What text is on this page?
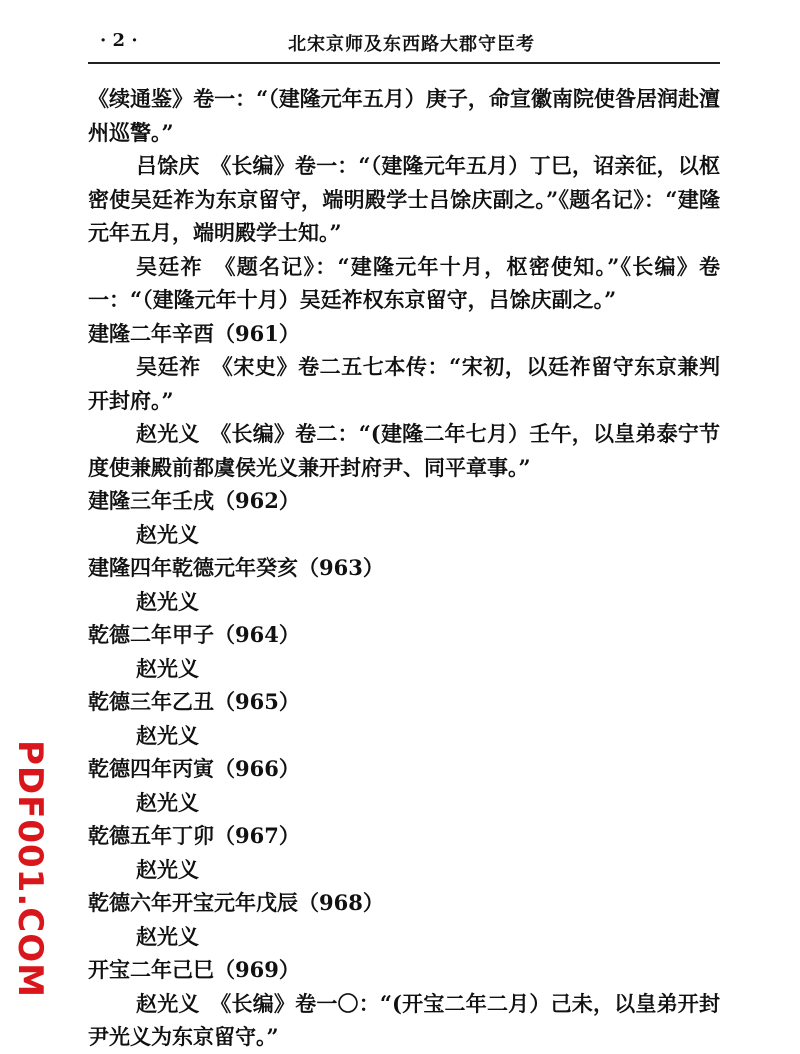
· 2 ·	北宋京师及东西路大郡守臣考

《续通鉴》卷一：“（建隆元年五月）庚子，命宣徽南院使昝居润赴澶州巡警。”

吕馀庆　《长编》卷一：“（建隆元年五月）丁巳，诏亲征，以枢密使吴廷祚为东京留守，端明殿学士吕馀庆副之。”《题名记》：“建隆元年五月，端明殿学士知。”

吴廷祚　《题名记》：“建隆元年十月，枢密使知。”《长编》卷一：“（建隆元年十月）吴廷祚权东京留守，吕馀庆副之。”

建隆二年辛酉（961）

吴廷祚　《宋史》卷二五七本传：“宋初，以廷祚留守东京兼判开封府。”

赵光义　《长编》卷二：“(建隆二年七月）壬午，以皇弟泰宁节度使兼殿前都虞侯光义兼开封府尹、同平章事。”

建隆三年壬戌（962）

赵光义

建隆四年乾德元年癸亥（963）

赵光义

乾德二年甲子（964）

赵光义

乾德三年乙丑（965）

赵光义

乾德四年丙寅（966）

赵光义

乾德五年丁卯（967）

赵光义

乾德六年开宝元年戊辰（968）

赵光义

开宝二年己巳（969）

赵光义　《长编》卷一〇：“(开宝二年二月）己未，以皇弟开封尹光义为东京留守。”

PDF001.COM
